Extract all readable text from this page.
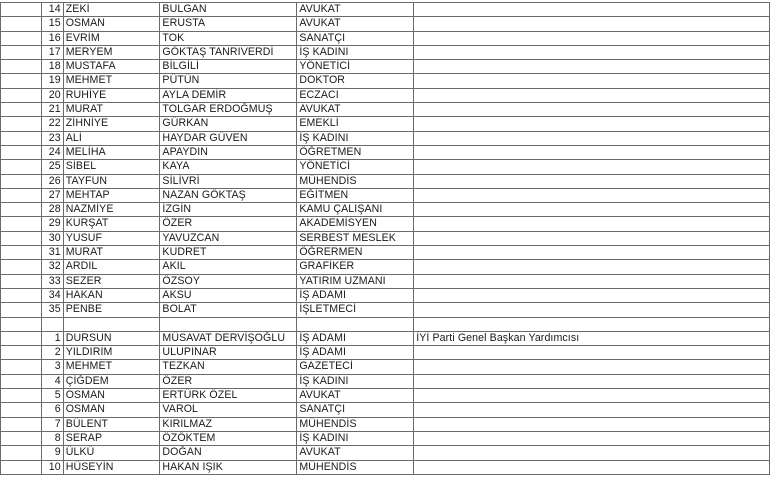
	14	ZEKİ	BULGAN	AVUKAT	
	15	OSMAN	ERUSTA	AVUKAT	
	16	EVRİM	TOK	SANATÇI	
	17	MERYEM	GÖKTAŞ TANRIVERDİ	İŞ KADINI	
	18	MUSTAFA	BİLGİLİ	YÖNETİCİ	
	19	MEHMET	PÜTÜN	DOKTOR	
	20	RUHİYE	AYLA DEMİR	ECZACI	
	21	MURAT	TOLGAR ERDOĞMUŞ	AVUKAT	
	22	ZİHNİYE	GÜRKAN	EMEKLİ	
	23	ALİ	HAYDAR GÜVEN	İŞ KADINI	
	24	MELİHA	APAYDIN	ÖĞRETMEN	
	25	SİBEL	KAYA	YÖNETİCİ	
	26	TAYFUN	SİLİVRİ	MÜHENDİS	
	27	MEHTAP	NAZAN GÖKTAŞ	EĞİTMEN	
	28	NAZMİYE	İZGİN	KAMU ÇALIŞANI	
	29	KURŞAT	ÖZER	AKADEMİSYEN	
	30	YUSUF	YAVUZCAN	SERBEST MESLEK	
	31	MURAT	KUDRET	ÖĞRERMEN	
	32	ARDIL	AKIL	GRAFİKER	
	33	SEZER	ÖZSOY	YATIRIM UZMANI	
	34	HAKAN	AKSU	İŞ ADAMI	
	35	PENBE	BOLAT	İŞLETMECİ	

	1	DURSUN	MÜSAVAT DERVİŞOĞLU	İŞ ADAMI	İYİ Parti Genel Başkan Yardımcısı
	2	YILDIRIM	ULUPINAR	İŞ ADAMI	
	3	MEHMET	TEZKAN	GAZETECİ	
	4	ÇİĞDEM	ÖZER	İŞ KADINI	
	5	OSMAN	ERTÜRK ÖZEL	AVUKAT	
	6	OSMAN	VAROL	SANATÇI	
	7	BÜLENT	KIRILMAZ	MÜHENDİS	
	8	SERAP	ÖZÖKTEM	İŞ KADINI	
	9	ÜLKÜ	DOĞAN	AVUKAT	
	10	HÜSEYİN	HAKAN IŞIK	MÜHENDİS	
